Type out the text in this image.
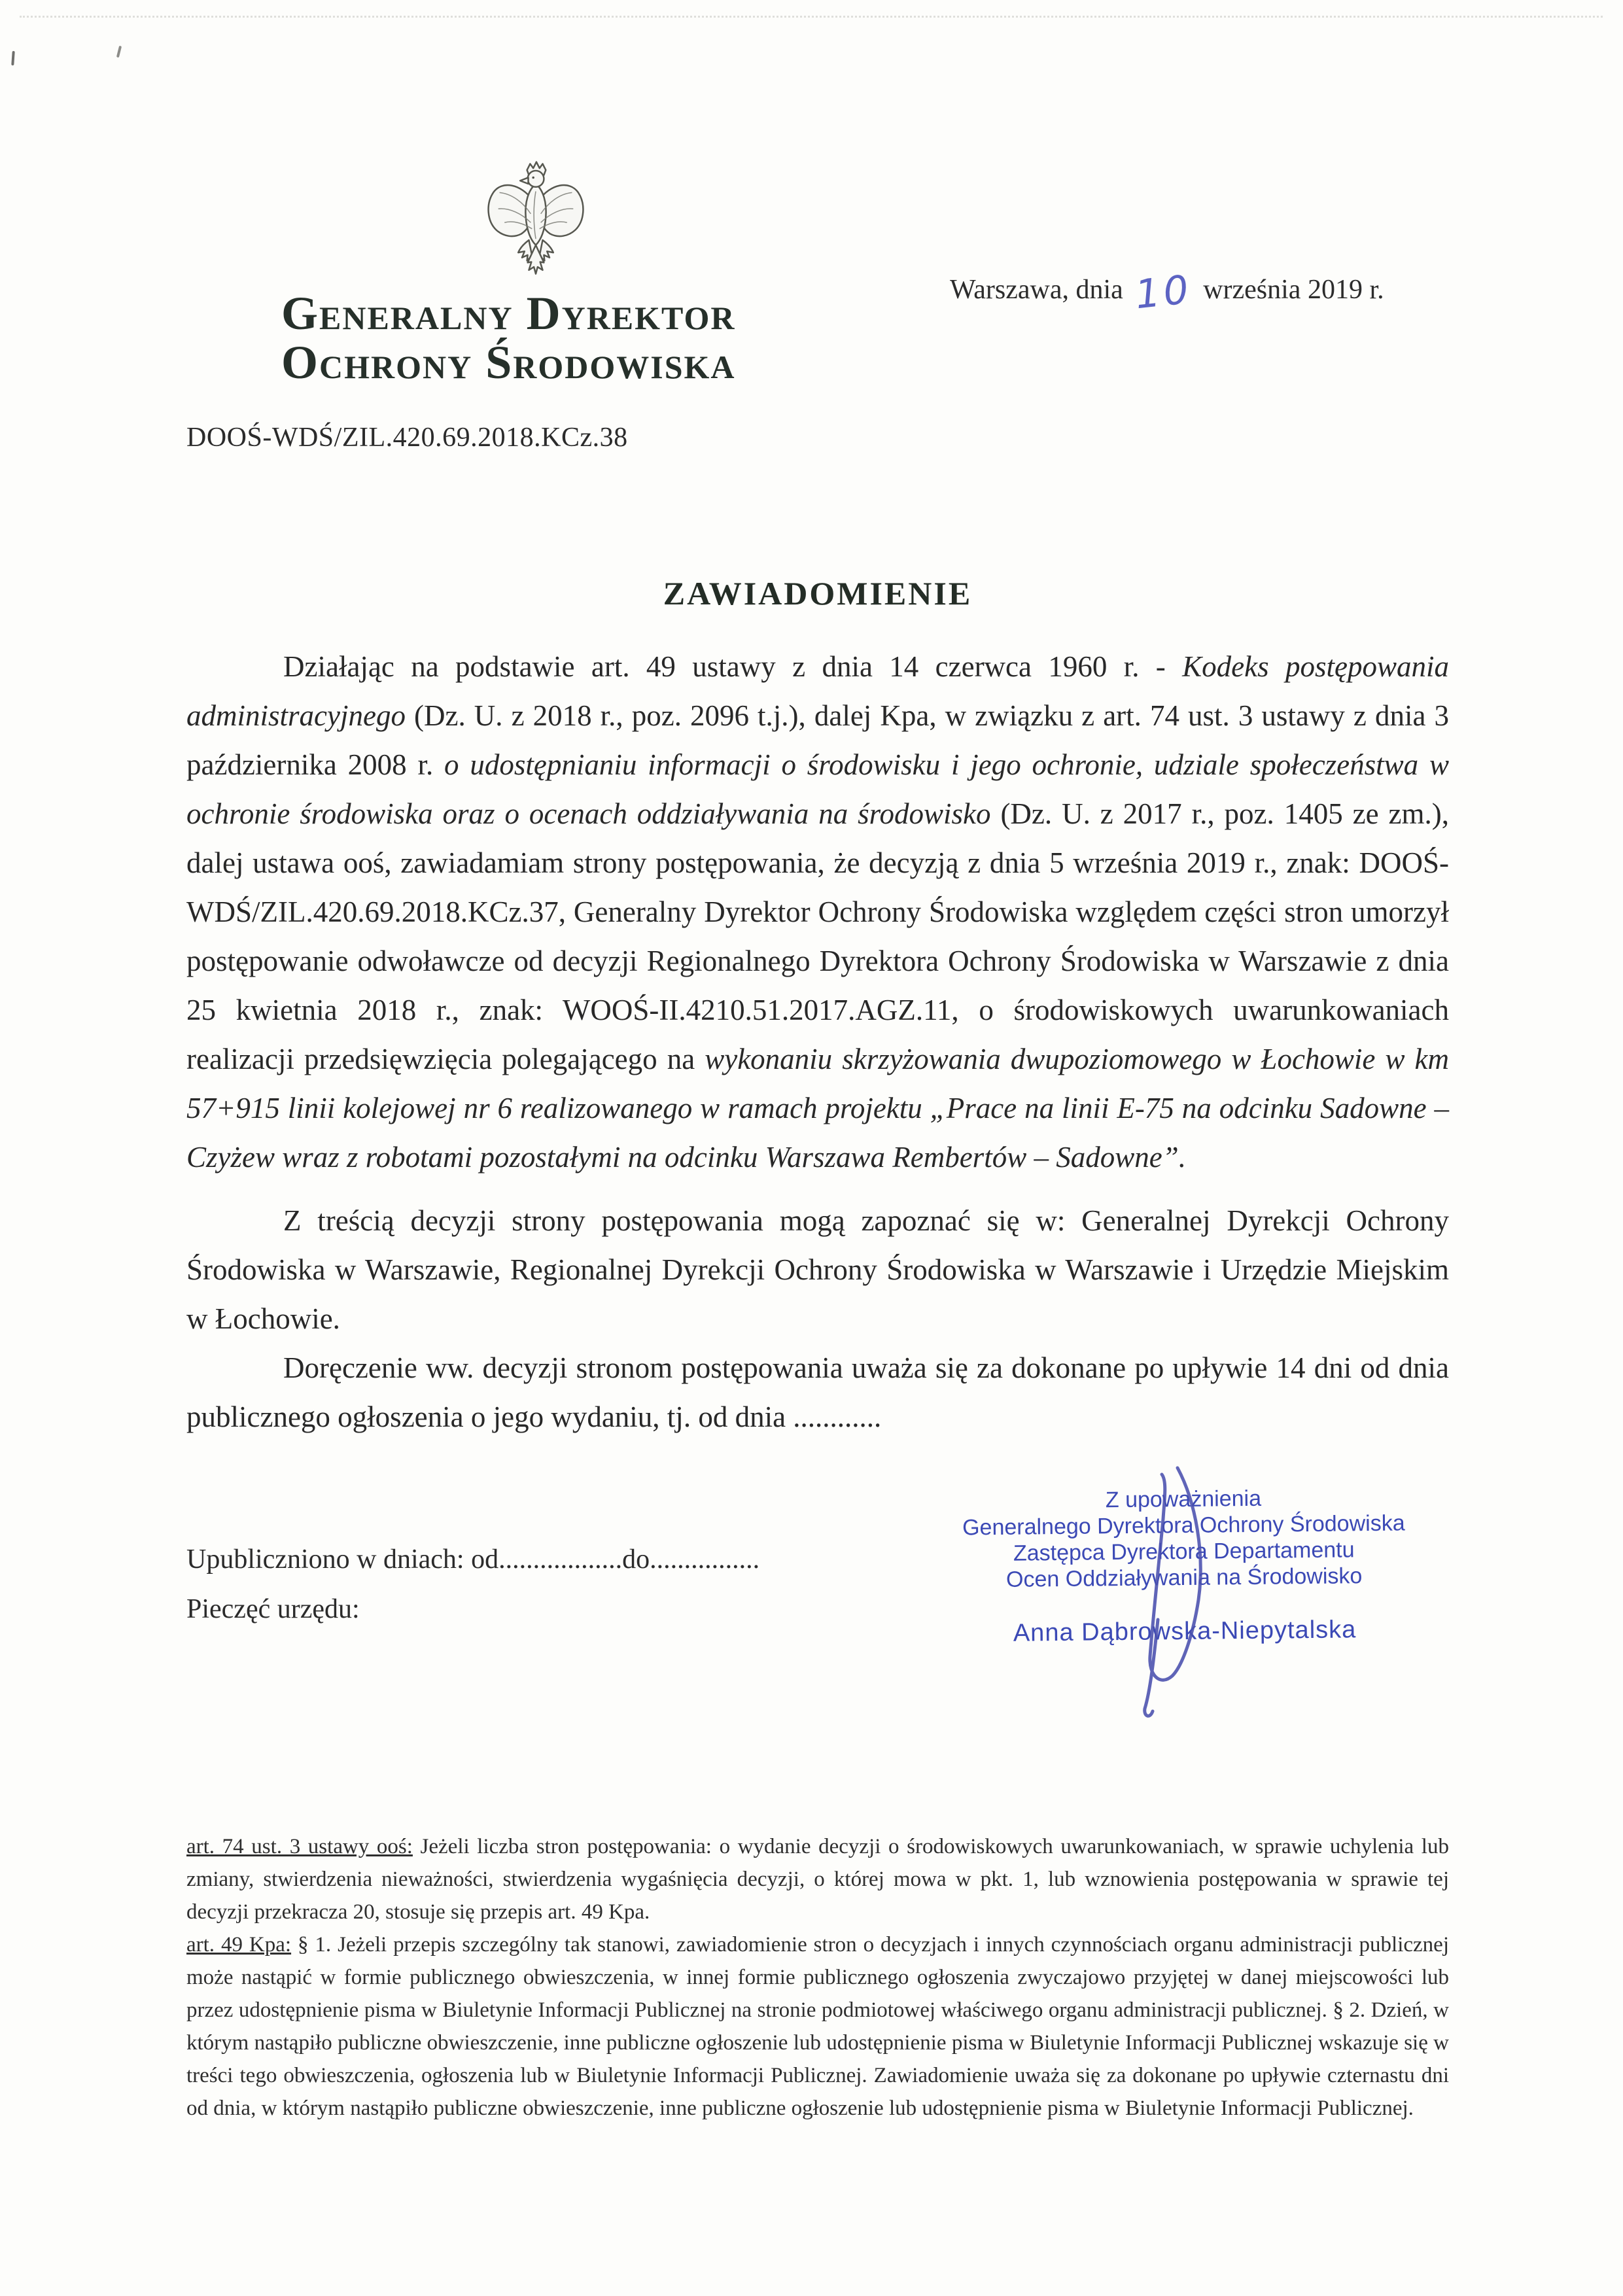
Generalny Dyrektor
Ochrony Środowiska
Warszawa, dnia 10 września 2019 r.
DOOŚ-WDŚ/ZIL.420.69.2018.KCz.38
ZAWIADOMIENIE

Działając na podstawie art. 49 ustawy z dnia 14 czerwca 1960 r. - Kodeks postępowania administracyjnego (Dz. U. z 2018 r., poz. 2096 t.j.), dalej Kpa, w związku z art. 74 ust. 3 ustawy z dnia 3 października 2008 r. o udostępnianiu informacji o środowisku i jego ochronie, udziale społeczeństwa w ochronie środowiska oraz o ocenach oddziaływania na środowisko (Dz. U. z 2017 r., poz. 1405 ze zm.), dalej ustawa ooś, zawiadamiam strony postępowania, że decyzją z dnia 5 września 2019 r., znak: DOOŚ-WDŚ/ZIL.420.69.2018.KCz.37, Generalny Dyrektor Ochrony Środowiska względem części stron umorzył postępowanie odwoławcze od decyzji Regionalnego Dyrektora Ochrony Środowiska w Warszawie z dnia 25 kwietnia 2018 r., znak: WOOŚ-II.4210.51.2017.AGZ.11, o środowiskowych uwarunkowaniach realizacji przedsięwzięcia polegającego na wykonaniu skrzyżowania dwupoziomowego w Łochowie w km 57+915 linii kolejowej nr 6 realizowanego w ramach projektu „Prace na linii E-75 na odcinku Sadowne – Czyżew wraz z robotami pozostałymi na odcinku Warszawa Rembertów – Sadowne”.

Z treścią decyzji strony postępowania mogą zapoznać się w: Generalnej Dyrekcji Ochrony Środowiska w Warszawie, Regionalnej Dyrekcji Ochrony Środowiska w Warszawie i Urzędzie Miejskim w Łochowie.

Doręczenie ww. decyzji stronom postępowania uważa się za dokonane po upływie 14 dni od dnia publicznego ogłoszenia o jego wydaniu, tj. od dnia ............

Upubliczniono w dniach: od..................do................
Pieczęć urzędu:
Z upoważnienia
Generalnego Dyrektora Ochrony Środowiska
Zastępca Dyrektora Departamentu
Ocen Oddziaływania na Środowisko
Anna Dąbrowska-Niepytalska

art. 74 ust. 3 ustawy ooś: Jeżeli liczba stron postępowania: o wydanie decyzji o środowiskowych uwarunkowaniach, w sprawie uchylenia lub zmiany, stwierdzenia nieważności, stwierdzenia wygaśnięcia decyzji, o której mowa w pkt. 1, lub wznowienia postępowania w sprawie tej decyzji przekracza 20, stosuje się przepis art. 49 Kpa.

art. 49 Kpa: § 1. Jeżeli przepis szczególny tak stanowi, zawiadomienie stron o decyzjach i innych czynnościach organu administracji publicznej może nastąpić w formie publicznego obwieszczenia, w innej formie publicznego ogłoszenia zwyczajowo przyjętej w danej miejscowości lub przez udostępnienie pisma w Biuletynie Informacji Publicznej na stronie podmiotowej właściwego organu administracji publicznej. § 2. Dzień, w którym nastąpiło publiczne obwieszczenie, inne publiczne ogłoszenie lub udostępnienie pisma w Biuletynie Informacji Publicznej wskazuje się w treści tego obwieszczenia, ogłoszenia lub w Biuletynie Informacji Publicznej. Zawiadomienie uważa się za dokonane po upływie czternastu dni od dnia, w którym nastąpiło publiczne obwieszczenie, inne publiczne ogłoszenie lub udostępnienie pisma w Biuletynie Informacji Publicznej.
